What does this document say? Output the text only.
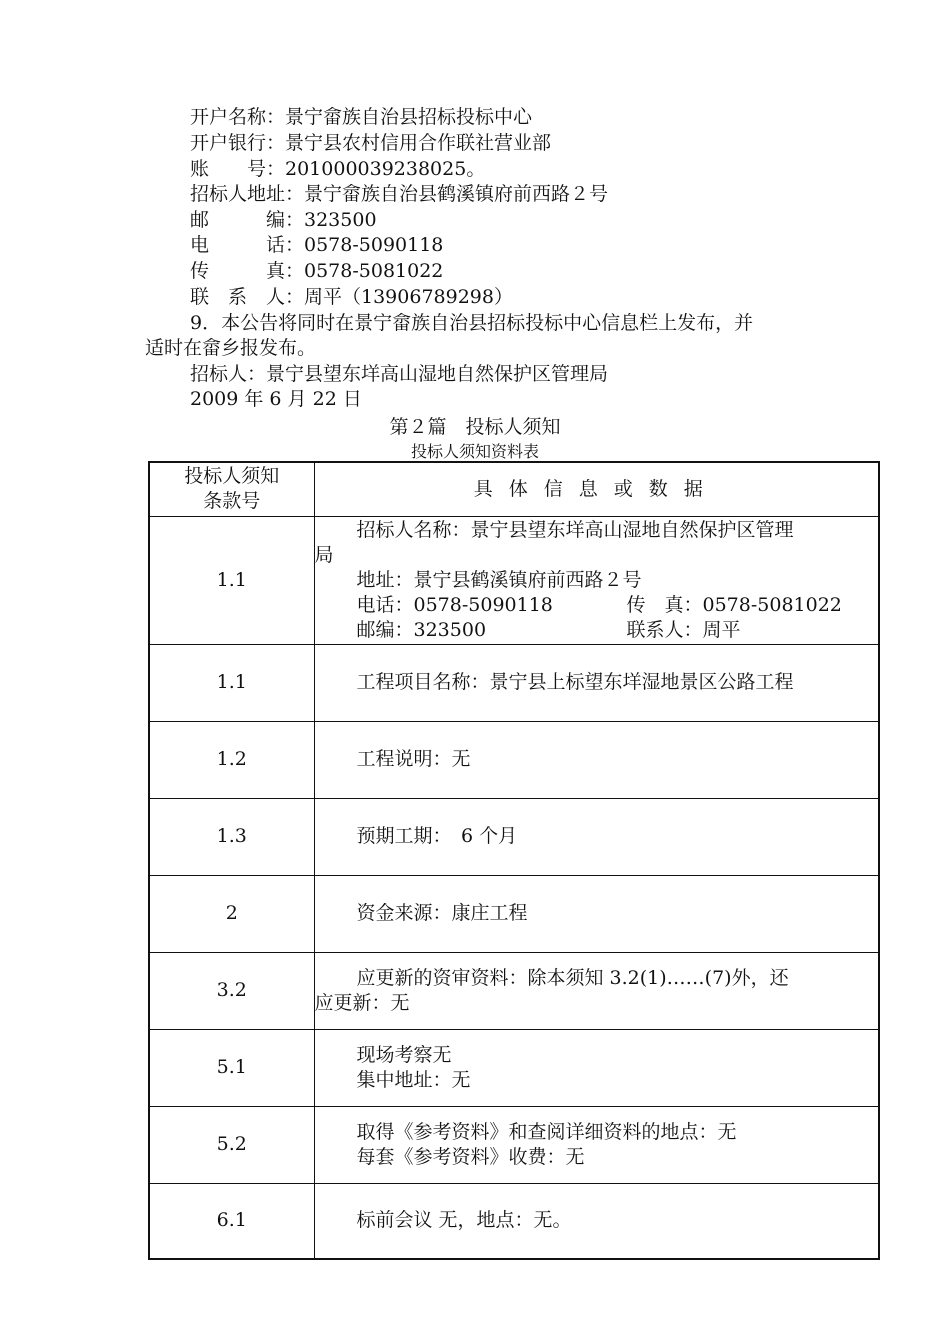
开户名称：景宁畲族自治县招标投标中心
开户银行：景宁县农村信用合作联社营业部
账　　号：201000039238025。
招标人地址：景宁畲族自治县鹤溪镇府前西路２号
邮　　　编：323500
电　　　话：0578-5090118
传　　　真：0578-5081022
联　系　人：周平（13906789298）
9．本公告将同时在景宁畲族自治县招标投标中心信息栏上发布，并
适时在畲乡报发布。
招标人：景宁县望东垟高山湿地自然保护区管理局
2009 年 6 月 22 日
第２篇　投标人须知
投标人须知资料表
投标人须知
条款号	具体信息或数据
1.1	招标人名称：景宁县望东垟高山湿地自然保护区管理
局
地址：景宁县鹤溪镇府前西路２号
电话：0578-5090118 传　真：0578-5081022
邮编：323500 联系人：周平

1.1	工程项目名称：景宁县上标望东垟湿地景区公路工程

1.2	工程说明：无

1.3	预期工期：　6 个月

2	资金来源：康庄工程

3.2	应更新的资审资料：除本须知 3.2(1)……(7)外，还
应更新：无

5.1	现场考察无
集中地址：无

5.2	取得《参考资料》和查阅详细资料的地点：无
每套《参考资料》收费：无

6.1	标前会议 无，地点：无。
